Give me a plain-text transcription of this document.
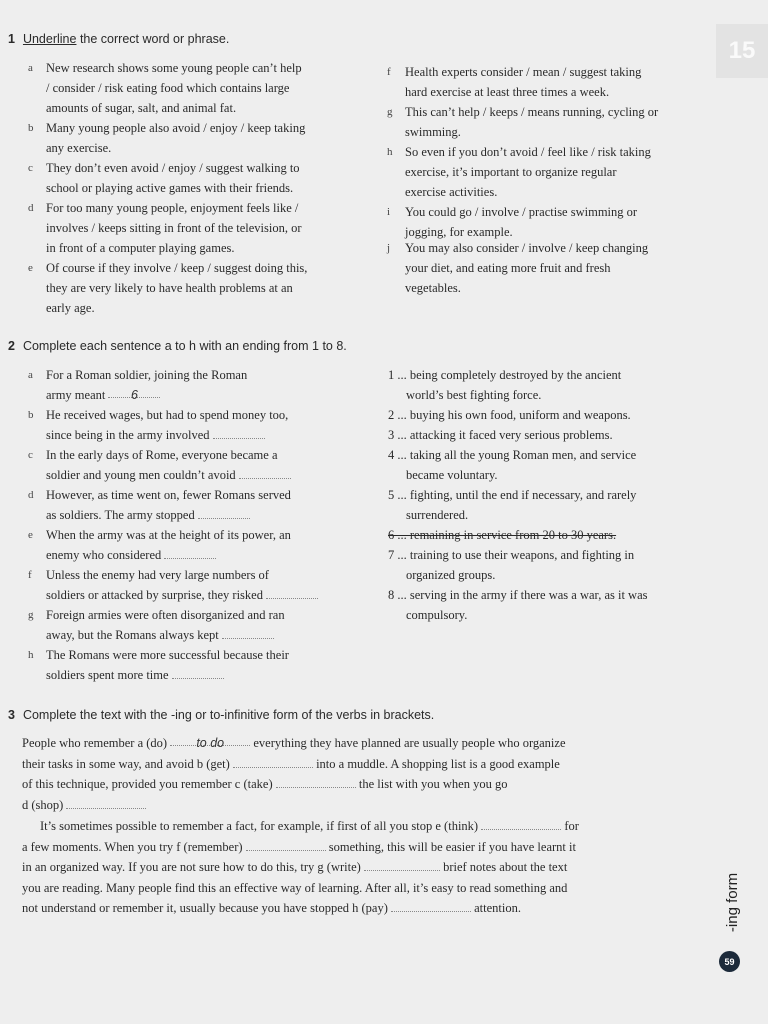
15
-ing form
59
1 Underline the correct word or phrase.
a	New research shows some young people can’t help
/ consider / risk eating food which contains large
amounts of sugar, salt, and animal fat.
b	Many young people also avoid / enjoy / keep taking
any exercise.
c	They don’t even avoid / enjoy / suggest walking to
school or playing active games with their friends.
d	For too many young people, enjoyment feels like /
involves / keeps sitting in front of the television, or
in front of a computer playing games.
e	Of course if they involve / keep / suggest doing this,
they are very likely to have health problems at an
early age.
f	Health experts consider / mean / suggest taking
hard exercise at least three times a week.
g	This can’t help / keeps / means running, cycling or
swimming.
h	So even if you don’t avoid / feel like / risk taking
exercise, it’s important to organize regular
exercise activities.
i	You could go / involve / practise swimming or
jogging, for example.
j	You may also consider / involve / keep changing
your diet, and eating more fruit and fresh
vegetables.
2 Complete each sentence a to h with an ending from 1 to 8.
a	For a Roman soldier, joining the Roman
army meant 6
b	He received wages, but had to spend money too,
since being in the army involved
c	In the early days of Rome, everyone became a
soldier and young men couldn’t avoid
d	However, as time went on, fewer Romans served
as soldiers. The army stopped
e	When the army was at the height of its power, an
enemy who considered
f	Unless the enemy had very large numbers of
soldiers or attacked by surprise, they risked
g	Foreign armies were often disorganized and ran
away, but the Romans always kept
h	The Romans were more successful because their
soldiers spent more time
1 ... being completely destroyed by the ancient
world’s best fighting force.
2 ... buying his own food, uniform and weapons.
3 ... attacking it faced very serious problems.
4 ... taking all the young Roman men, and service
became voluntary.
5 ... fighting, until the end if necessary, and rarely
surrendered.
6 ... remaining in service from 20 to 30 years.
7 ... training to use their weapons, and fighting in
organized groups.
8 ... serving in the army if there was a war, as it was
compulsory.
3 Complete the text with the -ing or to-infinitive form of the verbs in brackets.
People who remember a (do) to do everything they have planned are usually people who organize
their tasks in some way, and avoid b (get)	into a muddle. A shopping list is a good example
of this technique, provided you remember c (take)	the list with you when you go
d (shop)
It’s sometimes possible to remember a fact, for example, if first of all you stop e (think)	for
a few moments. When you try f (remember)	something, this will be easier if you have learnt it
in an organized way. If you are not sure how to do this, try g (write)	brief notes about the text
you are reading. Many people find this an effective way of learning. After all, it’s easy to read something and
not understand or remember it, usually because you have stopped h (pay)	attention.
